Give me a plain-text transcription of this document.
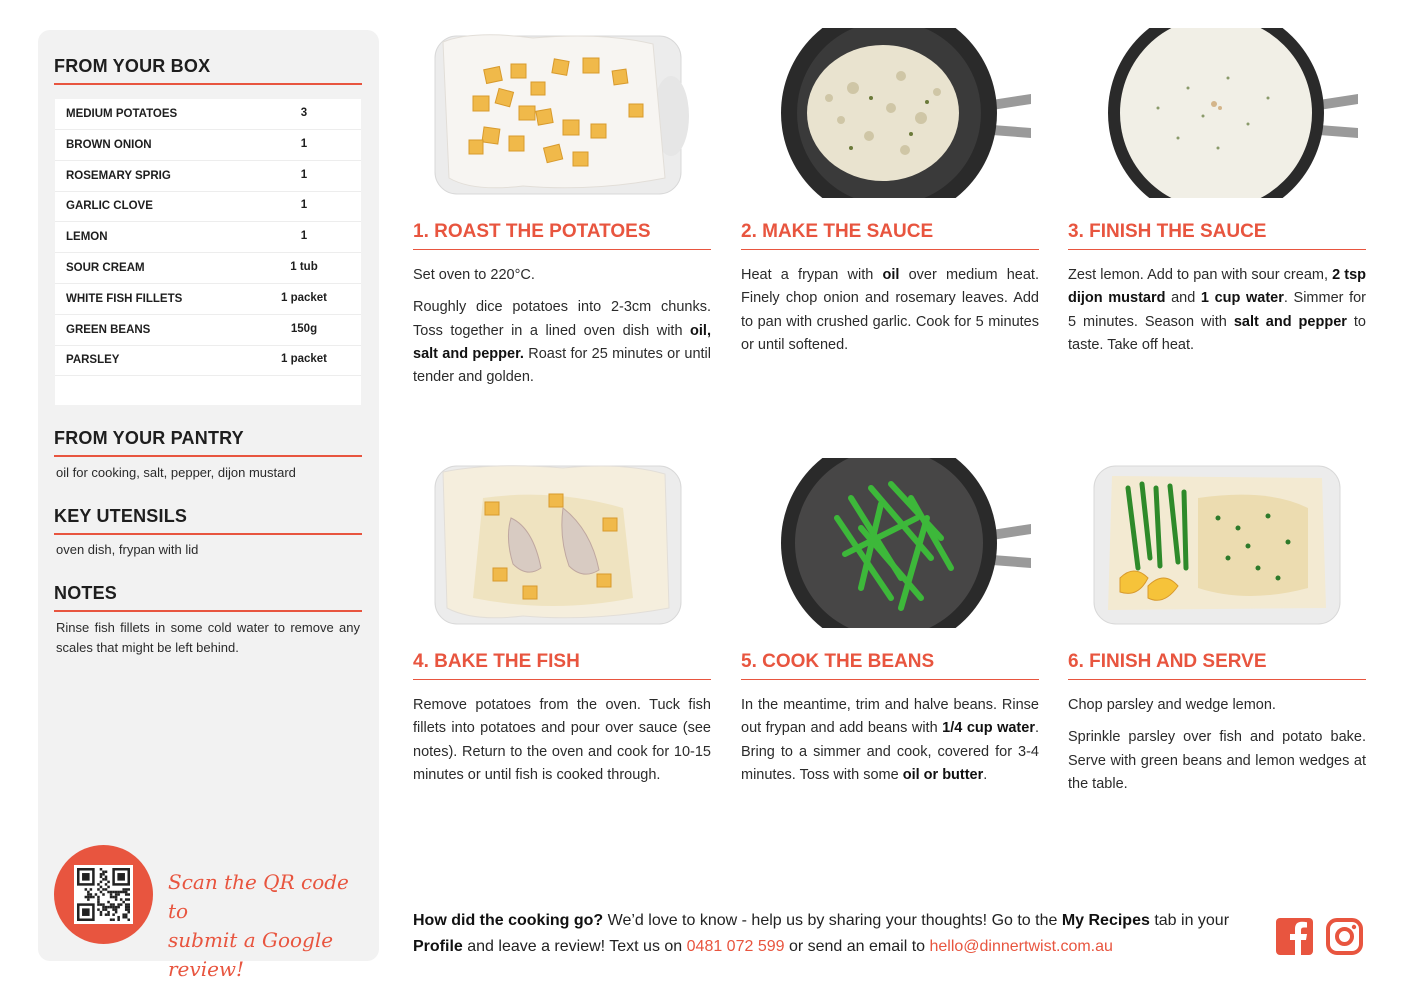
FROM YOUR BOX
MEDIUM POTATOES	3
BROWN ONION	1
ROSEMARY SPRIG	1
GARLIC CLOVE	1
LEMON	1
SOUR CREAM	1 tub
WHITE FISH FILLETS	1 packet
GREEN BEANS	150g
PARSLEY	1 packet
FROM YOUR PANTRY
oil for cooking, salt, pepper, dijon mustard
KEY UTENSILS
oven dish, frypan with lid
NOTES
Rinse fish fillets in some cold water to remove any scales that might be left behind.
Scan the QR code to
submit a Google review!
1. ROAST THE POTATOES

Set oven to 220°C.

Roughly dice potatoes into 2-3cm chunks. Toss together in a lined oven dish with oil, salt and pepper. Roast for 25 minutes or until tender and golden.

2. MAKE THE SAUCE

Heat a frypan with oil over medium heat. Finely chop onion and rosemary leaves. Add to pan with crushed garlic. Cook for 5 minutes or until softened.

3. FINISH THE SAUCE

Zest lemon. Add to pan with sour cream, 2 tsp dijon mustard and 1 cup water. Simmer for 5 minutes. Season with salt and pepper to taste. Take off heat.

4. BAKE THE FISH

Remove potatoes from the oven. Tuck fish fillets into potatoes and pour over sauce (see notes). Return to the oven and cook for 10-15 minutes or until fish is cooked through.

5. COOK THE BEANS

In the meantime, trim and halve beans. Rinse out frypan and add beans with 1/4 cup water. Bring to a simmer and cook, covered for 3-4 minutes. Toss with some oil or butter.

6. FINISH AND SERVE

Chop parsley and wedge lemon.

Sprinkle parsley over fish and potato bake. Serve with green beans and lemon wedges at the table.

How did the cooking go? We’d love to know - help us by sharing your thoughts! Go to the My Recipes tab in your Profile and leave a review! Text us on 0481 072 599 or send an email to hello@dinnertwist.com.au
